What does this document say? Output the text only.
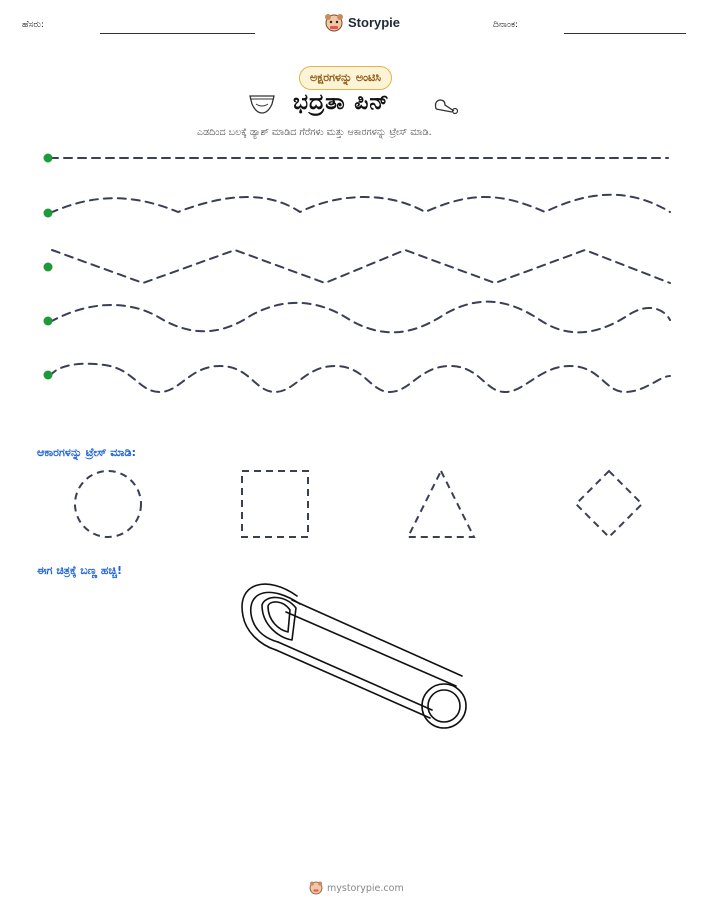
ಹೆಸರು:	Storypie	ದಿನಾಂಕ:
ಅಕ್ಷರಗಳನ್ನು ಅಂಟಿಸಿ
ಭದ್ರತಾ ಪಿನ್
ಎಡದಿಂದ ಬಲಕ್ಕೆ ಡ್ಯಾಶ್ ಮಾಡಿದ ಗೆರೆಗಳು ಮತ್ತು ಆಕಾರಗಳನ್ನು ಟ್ರೇಸ್ ಮಾಡಿ.
ಆಕಾರಗಳನ್ನು ಟ್ರೇಸ್ ಮಾಡಿ:
ಈಗ ಚಿತ್ರಕ್ಕೆ ಬಣ್ಣ ಹಚ್ಚಿ!
mystorypie.com
